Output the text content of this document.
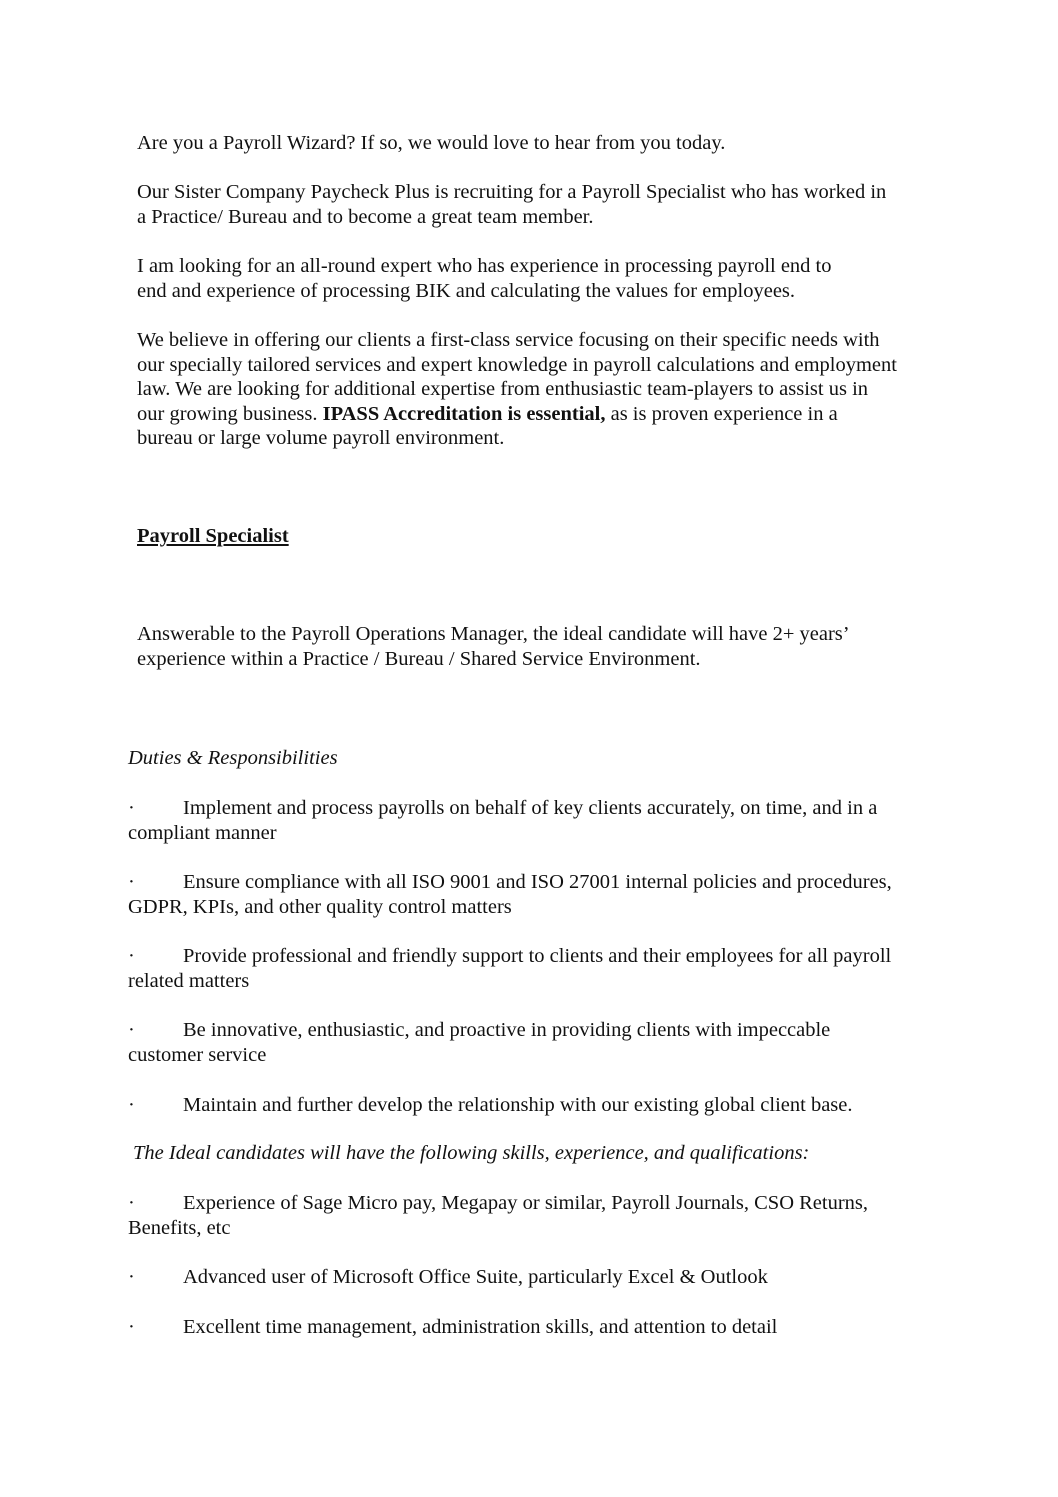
Are you a Payroll Wizard? If so, we would love to hear from you today.
Our Sister Company Paycheck Plus is recruiting for a Payroll Specialist who has worked in
a Practice/ Bureau and to become a great team member.
I am looking for an all-round expert who has experience in processing payroll end to
end and experience of processing BIK and calculating the values for employees.
We believe in offering our clients a first-class service focusing on their specific needs with
our specially tailored services and expert knowledge in payroll calculations and employment
law. We are looking for additional expertise from enthusiastic team-players to assist us in
our growing business. IPASS Accreditation is essential, as is proven experience in a
bureau or large volume payroll environment.
Payroll Specialist
Answerable to the Payroll Operations Manager, the ideal candidate will have 2+ years’
experience within a Practice / Bureau / Shared Service Environment.
Duties & Responsibilities
· Implement and process payrolls on behalf of key clients accurately, on time, and in a
compliant manner
· Ensure compliance with all ISO 9001 and ISO 27001 internal policies and procedures,
GDPR, KPIs, and other quality control matters
· Provide professional and friendly support to clients and their employees for all payroll
related matters
· Be innovative, enthusiastic, and proactive in providing clients with impeccable
customer service
· Maintain and further develop the relationship with our existing global client base.
The Ideal candidates will have the following skills, experience, and qualifications:
· Experience of Sage Micro pay, Megapay or similar, Payroll Journals, CSO Returns,
Benefits, etc
· Advanced user of Microsoft Office Suite, particularly Excel & Outlook
· Excellent time management, administration skills, and attention to detail
